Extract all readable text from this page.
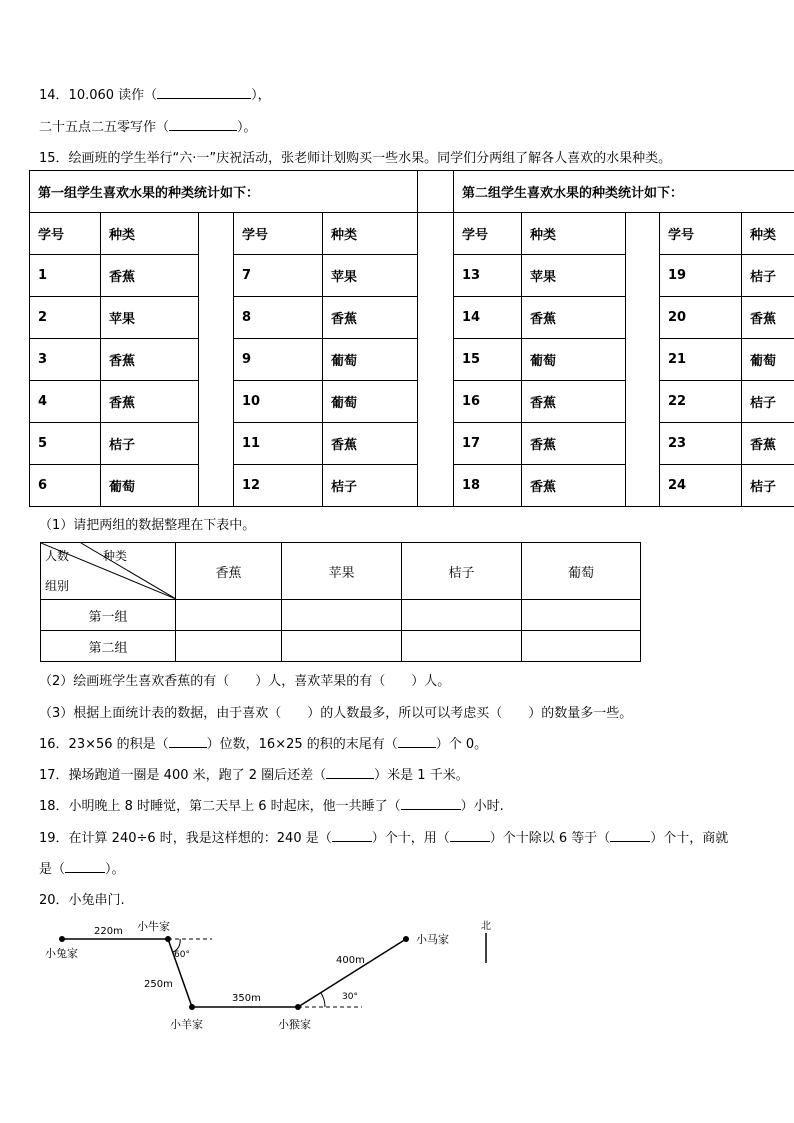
14．10.060 读作（	），
二十五点二五零写作（	）。
15．绘画班的学生举行“六·一”庆祝活动，张老师计划购买一些水果。同学们分两组了解各人喜欢的水果种类。
第一组学生喜欢水果的种类统计如下：						第二组学生喜欢水果的种类统计如下：				
学号	种类		学号	种类		学号	种类		学号	种类
1	香蕉		7	苹果		13	苹果		19	桔子
2	苹果		8	香蕉		14	香蕉		20	香蕉
3	香蕉		9	葡萄		15	葡萄		21	葡萄
4	香蕉		10	葡萄		16	香蕉		22	桔子
5	桔子		11	香蕉		17	香蕉		23	香蕉
6	葡萄		12	桔子		18	香蕉		24	桔子
（1）请把两组的数据整理在下表中。
人数 种类
组别	香蕉	苹果	桔子	葡萄
第一组				
第二组				
（2）绘画班学生喜欢香蕉的有（　　）人，喜欢苹果的有（　　）人。
（3）根据上面统计表的数据，由于喜欢（　　）的人数最多，所以可以考虑买（　　）的数量多一些。
16．23×56 的积是（	）位数，16×25 的积的末尾有（	）个 0。
17．操场跑道一圈是 400 米，跑了 2 圈后还差（	）米是 1 千米。
18．小明晚上 8 时睡觉，第二天早上 6 时起床，他一共睡了（	）小时.
19．在计算 240÷6 时，我是这样想的：240 是（	）个十，用（	）个十除以 6 等于（	）个十，商就
是（	）。
20．小兔串门.
小兔家
小牛家
小羊家	小猴家
小马家
220m
250m
350m
400m
60°
30°
北
